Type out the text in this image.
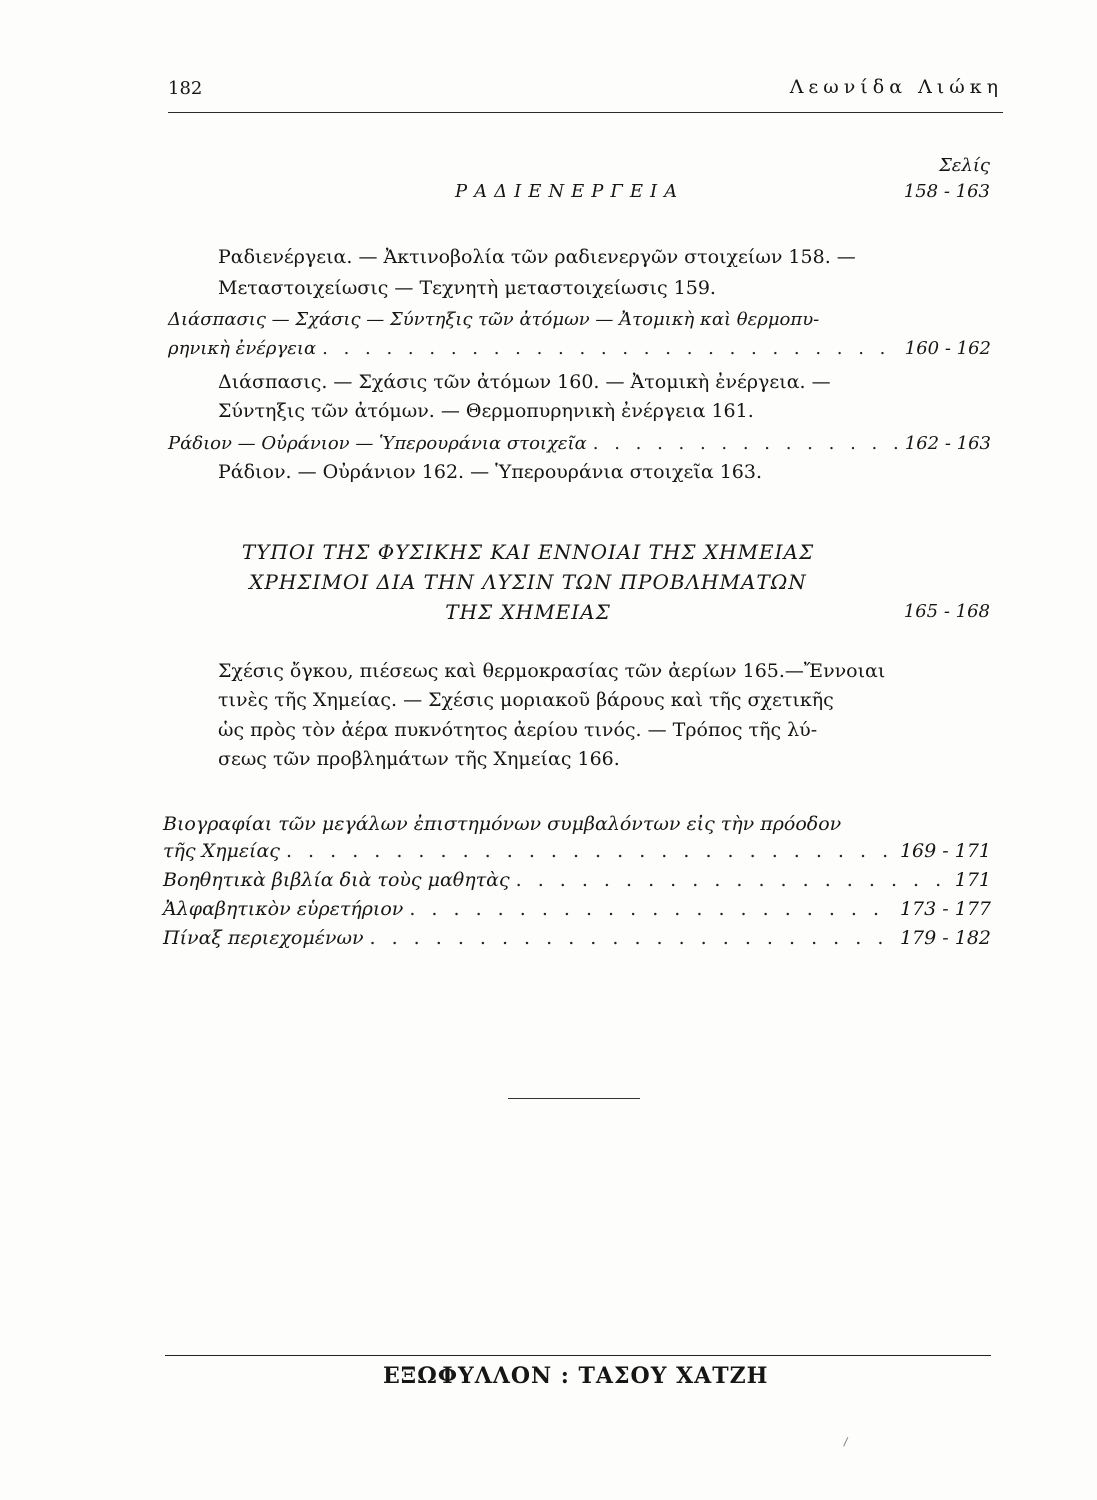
182	Λεωνίδα Λιώκη
Σελίς
ΡΑΔΙΕΝΕΡΓΕΙΑ	158 - 163
Ραδιενέργεια. — Ἀκτινοβολία τῶν ραδιενεργῶν στοιχείων 158. —
Μεταστοιχείωσις — Τεχνητὴ μεταστοιχείωσις 159.
Διάσπασις — Σχάσις — Σύντηξις τῶν ἀτόμων — Ἀτομικὴ καὶ θερμοπυ-
ρηνικὴ ἐνέργεια . . .	160 - 162
Διάσπασις. — Σχάσις τῶν ἀτόμων 160. — Ἀτομικὴ ἐνέργεια. —
Σύντηξις τῶν ἀτόμων. — Θερμοπυρηνικὴ ἐνέργεια 161.
Ράδιον — Οὐράνιον — Ὑπερουράνια στοιχεῖα . . .	162 - 163
Ράδιον. — Οὐράνιον 162. — Ὑπερουράνια στοιχεῖα 163.
ΤΥΠΟΙ ΤΗΣ ΦΥΣΙΚΗΣ ΚΑΙ ΕΝΝΟΙΑΙ ΤΗΣ ΧΗΜΕΙΑΣ
ΧΡΗΣΙΜΟΙ ΔΙΑ ΤΗΝ ΛΥΣΙΝ ΤΩΝ ΠΡΟΒΛΗΜΑΤΩΝ
ΤΗΣ ΧΗΜΕΙΑΣ	165 - 168
Σχέσις ὄγκου, πιέσεως καὶ θερμοκρασίας τῶν ἀερίων 165.—Ἔννοιαι
τινὲς τῆς Χημείας. — Σχέσις μοριακοῦ βάρους καὶ τῆς σχετικῆς
ὡς πρὸς τὸν ἀέρα πυκνότητος ἀερίου τινός. — Τρόπος τῆς λύ-
σεως τῶν προβλημάτων τῆς Χημείας 166.
Βιογραφίαι τῶν μεγάλων ἐπιστημόνων συμβαλόντων εἰς τὴν πρόοδον
τῆς Χημείας . . .	169 - 171
Βοηθητικὰ βιβλία διὰ τοὺς μαθητὰς . . .	171
Ἀλφαβητικὸν εὑρετήριον . . .	173 - 177
Πίναξ περιεχομένων . . .	179 - 182
ΕΞΩΦΥΛΛΟΝ : ΤΑΣΟΥ ΧΑΤΖΗ
